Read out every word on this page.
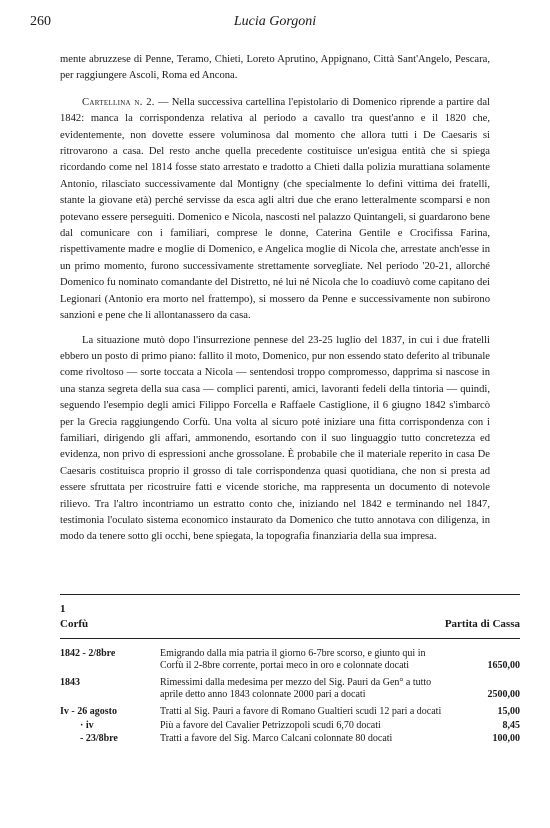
260	Lucia Gorgoni

mente abruzzese di Penne, Teramo, Chieti, Loreto Aprutino, Appignano, Città Sant'Angelo, Pescara, per raggiungere Ascoli, Roma ed Ancona.

Cartellina n. 2. — Nella successiva cartellina l'epistolario di Domenico riprende a partire dal 1842: manca la corrispondenza relativa al periodo a cavallo tra quest'anno e il 1820 che, evidentemente, non dovette essere voluminosa dal momento che allora tutti i De Caesaris si ritrovarono a casa. Del resto anche quella precedente costituisce un'esigua entità che si spiega ricordando come nel 1814 fosse stato arrestato e tradotto a Chieti dalla polizia murattiana solamente Antonio, rilasciato successivamente dal Montigny (che specialmente lo definì vittima dei fratelli, stante la giovane età) perché servisse da esca agli altri due che erano letteralmente scomparsi e non potevano essere perseguiti. Domenico e Nicola, nascosti nel palazzo Quintangeli, si guardarono bene dal comunicare con i familiari, comprese le donne, Caterina Gentile e Crocifissa Farina, rispettivamente madre e moglie di Domenico, e Angelica moglie di Nicola che, arrestate anch'esse in un primo momento, furono successivamente strettamente sorvegliate. Nel periodo '20-21, allorché Domenico fu nominato comandante del Distretto, né lui né Nicola che lo coadiuvò come capitano dei Legionari (Antonio era morto nel frattempo), si mossero da Penne e successivamente non subirono sanzioni e pene che li allontanassero da casa.

La situazione mutò dopo l'insurrezione pennese del 23-25 luglio del 1837, in cui i due fratelli ebbero un posto di primo piano: fallito il moto, Domenico, pur non essendo stato deferito al tribunale come rivoltoso — sorte toccata a Nicola — sentendosi troppo compromesso, dapprima si nascose in una stanza segreta della sua casa — complici parenti, amici, lavoranti fedeli della tintoria — quindi, seguendo l'esempio degli amici Filippo Forcella e Raffaele Castiglione, il 6 giugno 1842 s'imbarcò per la Grecia raggiungendo Corfù. Una volta al sicuro poté iniziare una fitta corrispondenza con i familiari, dirigendo gli affari, ammonendo, esortando con il suo linguaggio tutto concretezza ed evidenza, non privo di espressioni anche grossolane. È probabile che il materiale reperito in casa De Caesaris costituisca proprio il grosso di tale corrispondenza quasi quotidiana, che non si presta ad essere sfruttata per ricostruire fatti e vicende storiche, ma rappresenta un documento di notevole rilievo. Tra l'altro incontriamo un estratto conto che, iniziando nel 1842 e terminando nel 1847, testimonia l'oculato sistema economico instaurato da Domenico che tutto annotava con diligenza, in modo da tenere sotto gli occhi, bene spiegata, la topografia finanziaria della sua impresa.

1
Corfù	Partita di Cassa
1842 - 2/8bre	Emigrando dalla mia patria il giorno 6-7bre scorso, e giunto qui in Corfù il 2-8bre corrente, portai meco in oro e colonnate docati	1650,00
1843	Rimessimi dalla medesima per mezzo del Sig. Pauri da Gen° a tutto aprile detto anno 1843 colonnate 2000 pari a docati	2500,00
Iv - 26 agosto	Tratti al Sig. Pauri a favore di Romano Gualtieri scudi 12 pari a docati	15,00
· iv	Più a favore del Cavalier Petrizzopoli scudi 6,70 docati	8,45
- 23/8bre	Tratti a favore del Sig. Marco Calcani colonnate 80 docati	100,00
